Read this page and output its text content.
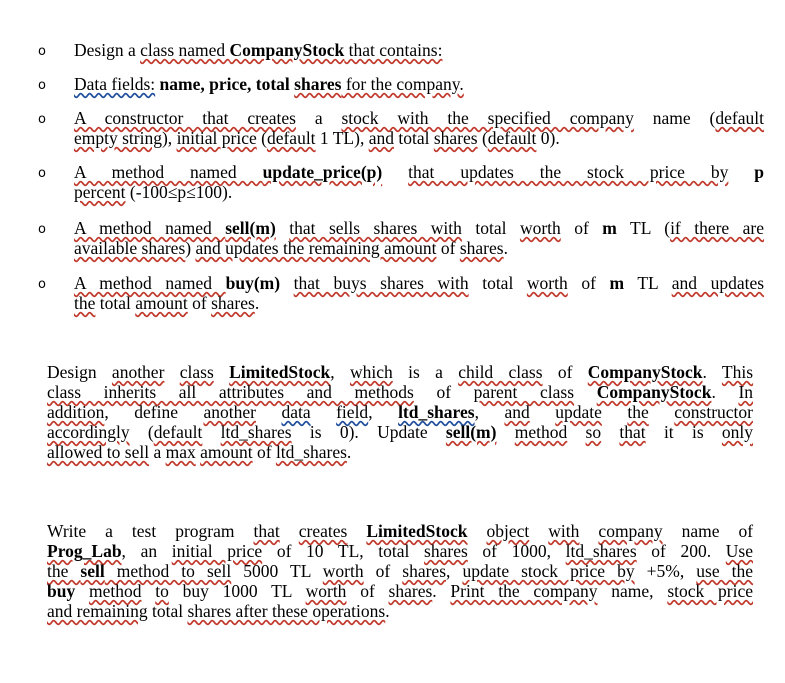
o Design a class named CompanyStock that contains:
o Data fields: name, price, total shares for the company.
o A constructor that creates a stock with the specified company name (default
empty string), initial price (default 1 TL), and total shares (default 0).
o A method named update_price(p) that updates the stock price by p
percent (-100≤p≤100).
o A method named sell(m) that sells shares with total worth of m TL (if there are
available shares) and updates the remaining amount of shares.
o A method named buy(m) that buys shares with total worth of m TL and updates
the total amount of shares.
Design another class LimitedStock, which is a child class of CompanyStock. This
class inherits all attributes and methods of parent class CompanyStock. In
addition, define another data field, ltd_shares, and update the constructor
accordingly (default ltd_shares is 0). Update sell(m) method so that it is only
allowed to sell a max amount of ltd_shares.
Write a test program that creates LimitedStock object with company name of
Prog_Lab, an initial price of 10 TL, total shares of 1000, ltd_shares of 200. Use
the sell method to sell 5000 TL worth of shares, update stock price by +5%, use the
buy method to buy 1000 TL worth of shares. Print the company name, stock price
and remaining total shares after these operations.
